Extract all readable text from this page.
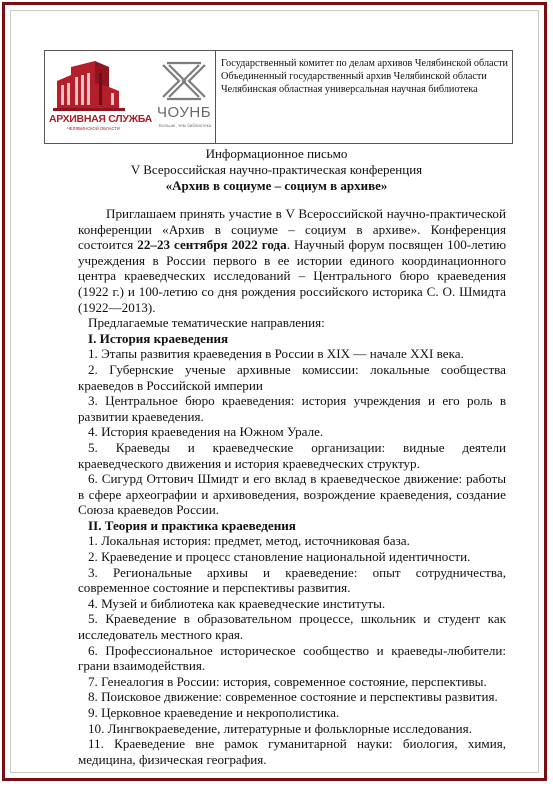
АРХИВНАЯ СЛУЖБА
ЧЕЛЯБИНСКОЙ ОБЛАСТИ
ЧОУНБ
Больше, чем библиотека
Государственный комитет по делам архивов Челябинской области
Объединенный государственный архив Челябинской области
Челябинская областная универсальная научная библиотека
Информационное письмо
V Всероссийская научно-практическая конференция
«Архив в социуме – социум в архиве»

Приглашаем принять участие в V Всероссийской научно-практической конференции «Архив в социуме – социум в архиве». Конференция состоится 22–23 сентября 2022 года. Научный форум посвящен 100-летию учреждения в России первого в ее истории единого координационного центра краеведческих исследований – Центрального бюро краеведения (1922 г.) и 100-летию со дня рождения российского историка С. О. Шмидта (1922—2013).

Предлагаемые тематические направления:

I. История краеведения

1. Этапы развития краеведения в России в XIX — начале XXI века.

2. Губернские ученые архивные комиссии: локальные сообщества краеведов в Российской империи

3. Центральное бюро краеведения: история учреждения и его роль в развитии краеведения.

4. История краеведения на Южном Урале.

5. Краеведы и краеведческие организации: видные деятели краеведческого движения и история краеведческих структур.

6. Сигурд Оттович Шмидт и его вклад в краеведческое движение: работы в сфере археографии и архивоведения, возрождение краеведения, создание Союза краеведов России.

II. Теория и практика краеведения

1. Локальная история: предмет, метод, источниковая база.

2. Краеведение и процесс становление национальной идентичности.

3. Региональные архивы и краеведение: опыт сотрудничества, современное состояние и перспективы развития.

4. Музей и библиотека как краеведческие институты.

5. Краеведение в образовательном процессе, школьник и студент как исследователь местного края.

6. Профессиональное историческое сообщество и краеведы-любители: грани взаимодействия.

7. Генеалогия в России: история, современное состояние, перспективы.

8. Поисковое движение: современное состояние и перспективы развития.

9. Церковное краеведение и некрополистика.

10. Лингвокраеведение, литературные и фольклорные исследования.

11. Краеведение вне рамок гуманитарной науки: биология, химия, медицина, физическая география.
